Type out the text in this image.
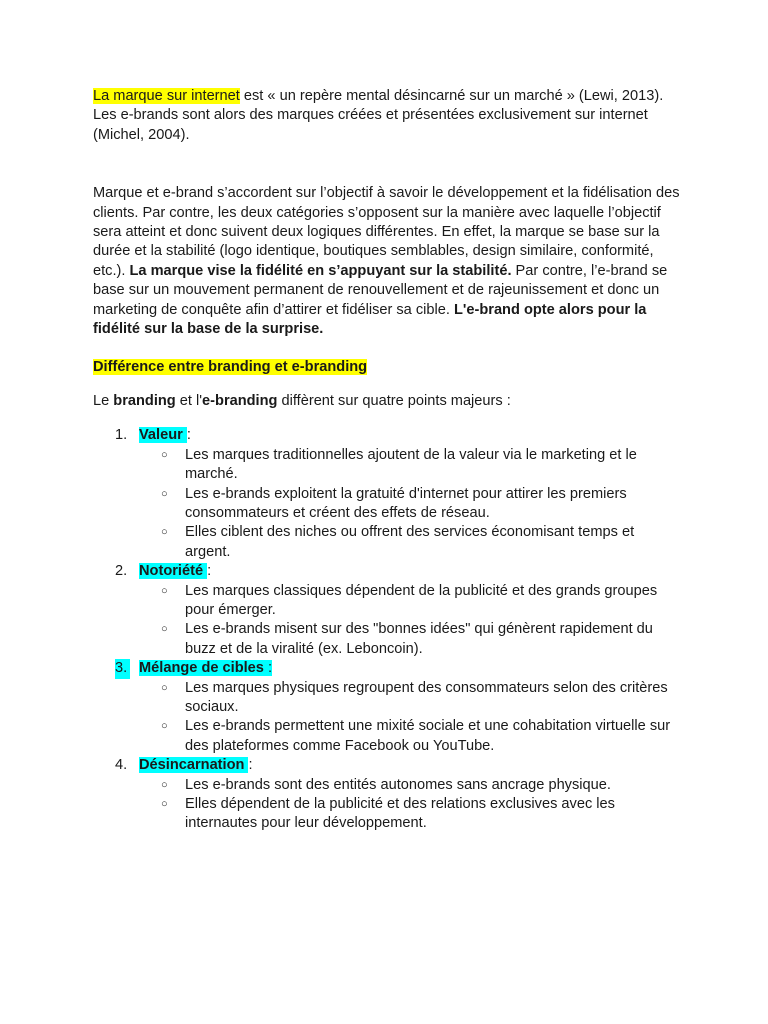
La marque sur internet est « un repère mental désincarné sur un marché » (Lewi, 2013).

Les e-brands sont alors des marques créées et présentées exclusivement sur internet (Michel, 2004).

Marque et e-brand s’accordent sur l’objectif à savoir le développement et la fidélisation des clients. Par contre, les deux catégories s’opposent sur la manière avec laquelle l’objectif sera atteint et donc suivent deux logiques différentes. En effet, la marque se base sur la durée et la stabilité (logo identique, boutiques semblables, design similaire, conformité, etc.). La marque vise la fidélité en s’appuyant sur la stabilité. Par contre, l’e-brand se base sur un mouvement permanent de renouvellement et de rajeunissement et donc un marketing de conquête afin d’attirer et fidéliser sa cible. L'e-brand opte alors pour la fidélité sur la base de la surprise.

Différence entre branding et e-branding

Le branding et l'e-branding diffèrent sur quatre points majeurs :

1. Valeur :
○ Les marques traditionnelles ajoutent de la valeur via le marketing et le marché.
○ Les e-brands exploitent la gratuité d'internet pour attirer les premiers consommateurs et créent des effets de réseau.
○ Elles ciblent des niches ou offrent des services économisant temps et argent.
2. Notoriété :
○ Les marques classiques dépendent de la publicité et des grands groupes pour émerger.
○ Les e-brands misent sur des "bonnes idées" qui génèrent rapidement du buzz et de la viralité (ex. Leboncoin).
3. Mélange de cibles :
○ Les marques physiques regroupent des consommateurs selon des critères sociaux.
○ Les e-brands permettent une mixité sociale et une cohabitation virtuelle sur des plateformes comme Facebook ou YouTube.
4. Désincarnation :
○ Les e-brands sont des entités autonomes sans ancrage physique.
○ Elles dépendent de la publicité et des relations exclusives avec les internautes pour leur développement.
